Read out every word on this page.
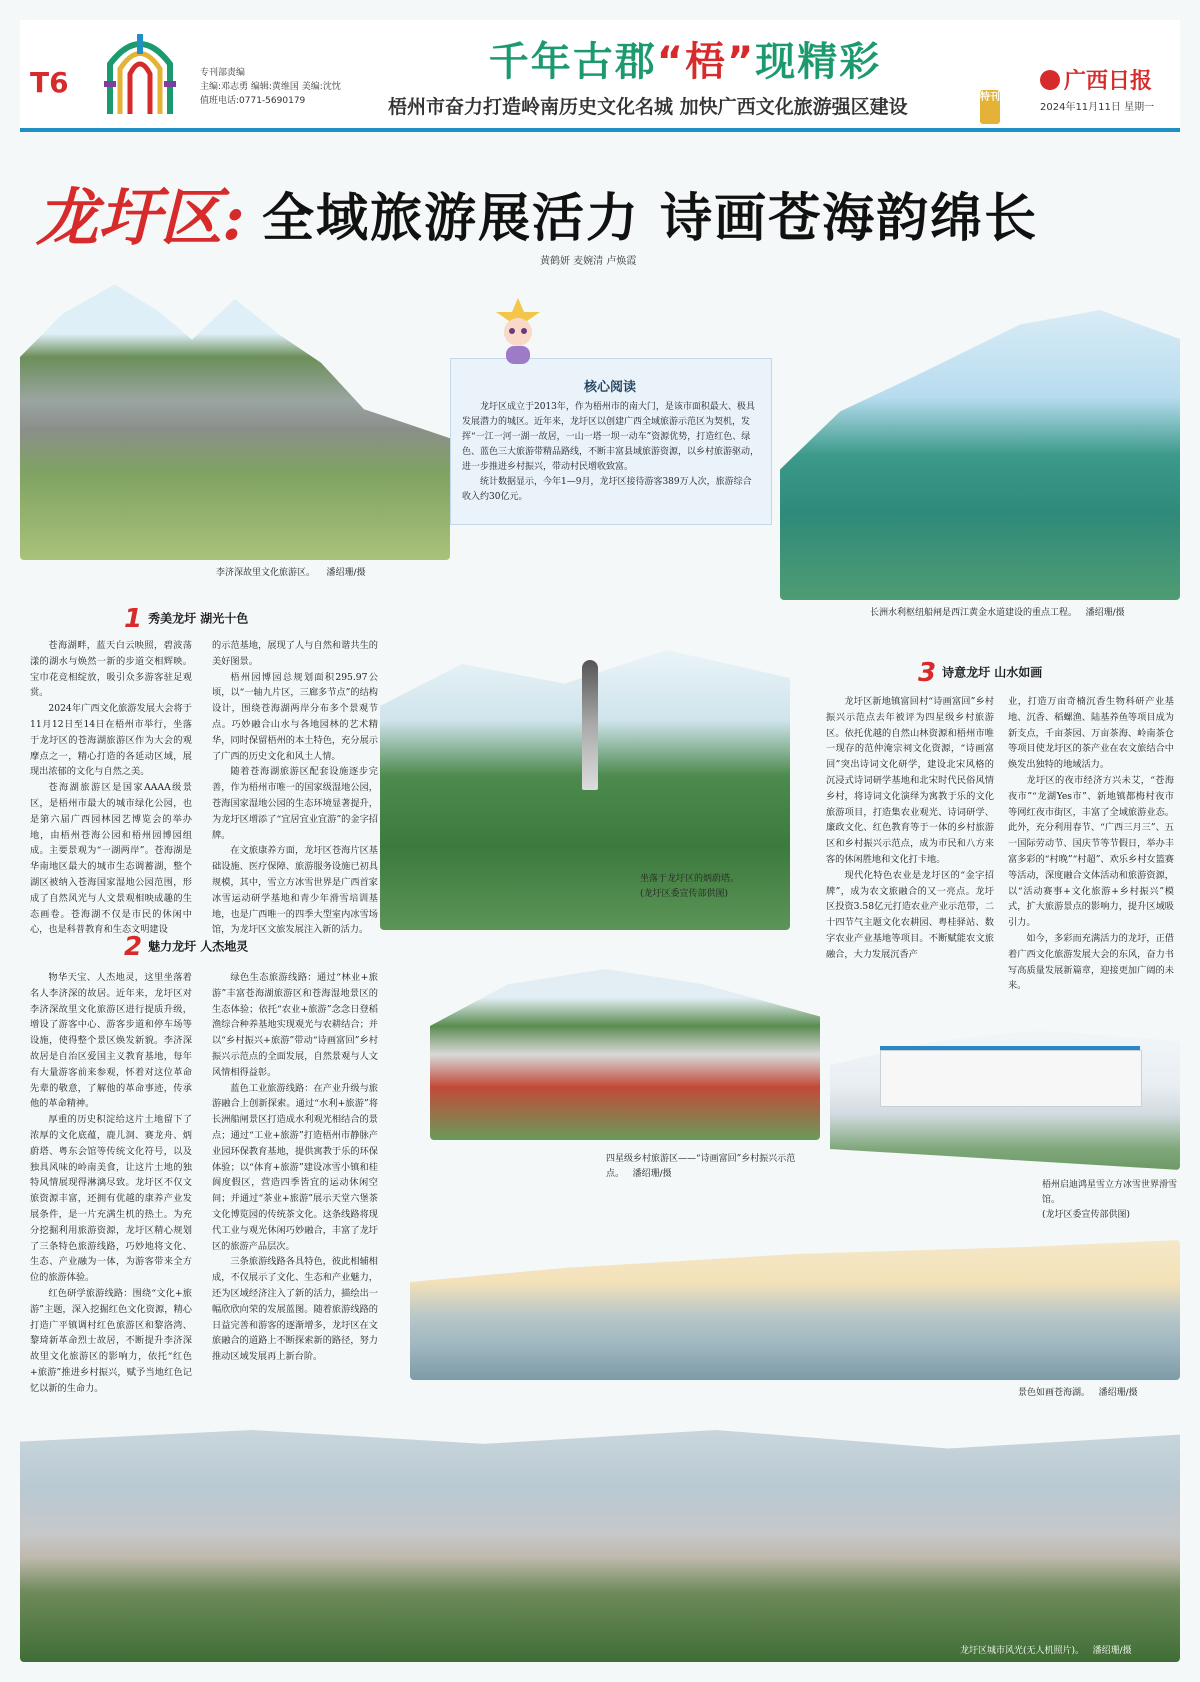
T6	专刊部责编
主编:邓志勇 编辑:黄维国 美编:沈忱
值班电话:0771-5690179
千年古郡“梧”现精彩
梧州市奋力打造岭南历史文化名城 加快广西文化旅游强区建设	特刊
广西日报
2024年11月11日 星期一
龙圩区: 全域旅游展活力 诗画苍海韵绵长
黄鹤妍 麦婉清 卢焕霞
李济深故里文化旅游区。 潘绍珊/摄
长洲水利枢纽船闸是西江黄金水道建设的重点工程。 潘绍珊/摄
核心阅读

龙圩区成立于2013年，作为梧州市的南大门，是该市面积最大、极具发展潜力的城区。近年来，龙圩区以创建广西全域旅游示范区为契机，发挥“一江一河一湖一故居，一山一塔一坝一动车”资源优势，打造红色、绿色、蓝色三大旅游带精品路线，不断丰富县域旅游资源，以乡村旅游驱动，进一步推进乡村振兴，带动村民增收致富。

统计数据显示，今年1—9月，龙圩区接待游客389万人次，旅游综合收入约30亿元。

坐落于龙圩区的炳蔚塔。
(龙圩区委宣传部供图)
四星级乡村旅游区——“诗画富回”乡村振兴示范点。 潘绍珊/摄
梧州启迪鸿星雪立方冰雪世界滑雪馆。
(龙圩区委宣传部供图)
景色如画苍海湖。 潘绍珊/摄
龙圩区城市风光(无人机照片)。 潘绍珊/摄
1 秀美龙圩 湖光十色

苍海湖畔，蓝天白云映照，碧波荡漾的湖水与焕然一新的步道交相辉映。宝巾花竞相绽放，吸引众多游客驻足观赏。

2024年广西文化旅游发展大会将于11月12日至14日在梧州市举行，坐落于龙圩区的苍海湖旅游区作为大会的观摩点之一，精心打造的各延动区域，展现出浓郁的文化与自然之美。

苍海湖旅游区是国家AAAA级景区，是梧州市最大的城市绿化公园，也是第六届广西园林园艺博览会的举办地，由梧州苍海公园和梧州园博园组成。主要景观为“一湖两岸”。苍海湖是华南地区最大的城市生态调蓄湖，整个湖区被纳入苍海国家湿地公园范围，形成了自然风光与人文景观相映成趣的生态画卷。苍海湖不仅是市民的休闲中心，也是科普教育和生态文明建设

的示范基地，展现了人与自然和谐共生的美好图景。

梧州园博园总规划面积295.97公顷，以“一轴九片区，三廊多节点”的结构设计，围绕苍海湖两岸分布多个景观节点。巧妙融合山水与各地园林的艺术精华，同时保留梧州的本土特色，充分展示了广西的历史文化和风土人情。

随着苍海湖旅游区配套设施逐步完善，作为梧州市唯一的国家级湿地公园，苍海国家湿地公园的生态环境显著提升，为龙圩区增添了“宜居宜业宜游”的金字招牌。

在文旅康养方面，龙圩区苍海片区基础设施、医疗保障、旅游服务设施已初具规模，其中，雪立方冰雪世界是广西首家冰雪运动研学基地和青少年滑雪培训基地，也是广西唯一的四季大型室内冰雪场馆，为龙圩区文旅发展注入新的活力。

2 魅力龙圩 人杰地灵

物华天宝、人杰地灵，这里坐落着名人李济深的故居。近年来，龙圩区对李济深故里文化旅游区进行提质升级，增设了游客中心、游客步道和停车场等设施，使得整个景区焕发新貌。李济深故居是自治区爱国主义教育基地，每年有大量游客前来参观，怀着对这位革命先辈的敬意，了解他的革命事迹，传承他的革命精神。

厚重的历史积淀给这片土地留下了浓厚的文化底蕴，鹿儿洞、赛龙舟、炳蔚塔、粤东会馆等传统文化符号，以及独具风味的岭南美食，让这片土地的独特风情展现得淋漓尽致。龙圩区不仅文旅资源丰富，还拥有优越的康养产业发展条件，是一片充满生机的热土。为充分挖掘利用旅游资源，龙圩区精心规划了三条特色旅游线路，巧妙地将文化、生态、产业融为一体，为游客带来全方位的旅游体验。

红色研学旅游线路：围绕“文化+旅游”主题，深入挖掘红色文化资源，精心打造广平镇调村红色旅游区和黎洛湾、黎琦新革命烈士故居，不断提升李济深故里文化旅游区的影响力，依托“红色+旅游”推进乡村振兴，赋予当地红色记忆以新的生命力。

绿色生态旅游线路：通过“林业+旅游”丰富苍海湖旅游区和苍海湿地景区的生态体验；依托“农业+旅游”念念日登稻渔综合种养基地实现观光与农耕结合；并以“乡村振兴+旅游”带动“诗画富回”乡村振兴示范点的全面发展，自然景观与人文风情相得益彰。

蓝色工业旅游线路：在产业升级与旅游融合上创新探索。通过“水利+旅游”将长洲船闸景区打造成水利观光相结合的景点；通过“工业+旅游”打造梧州市静脉产业园环保教育基地，提供寓教于乐的环保体验；以“体育+旅游”建设冰雪小镇和桂阆度假区，营造四季皆宜的运动休闲空间；并通过“茶业+旅游”展示天堂六堡茶文化博览园的传统茶文化。这条线路将现代工业与观光休闲巧妙融合，丰富了龙圩区的旅游产品层次。

三条旅游线路各具特色，彼此相辅相成，不仅展示了文化、生态和产业魅力，还为区域经济注入了新的活力，描绘出一幅欣欣向荣的发展蓝图。随着旅游线路的日益完善和游客的逐渐增多，龙圩区在文旅融合的道路上不断探索新的路径，努力推动区域发展再上新台阶。

3 诗意龙圩 山水如画

龙圩区新地镇富回村“诗画富回”乡村振兴示范点去年被评为四星级乡村旅游区。依托优越的自然山林资源和梧州市唯一现存的范仲淹宗祠文化资源，“诗画富回”突出诗词文化研学，建设北宋风格的沉浸式诗词研学基地和北宋时代民俗风情乡村，将诗词文化演绎为寓教于乐的文化旅游项目，打造集农业观光、诗词研学、廉政文化、红色教育等于一体的乡村旅游区和乡村振兴示范点，成为市民和八方来客的休闲胜地和文化打卡地。

现代化特色农业是龙圩区的“金字招牌”，成为农文旅融合的又一亮点。龙圩区投资3.58亿元打造农业产业示范带，二十四节气主题文化农耕园、粤桂驿站、数字农业产业基地等项目。不断赋能农文旅融合，大力发展沉香产

业，打造万亩奇楠沉香生物科研产业基地、沉香、稻螺渔、陆基养鱼等项目成为新支点，千亩茶园、万亩茶海、岭南茶仓等项目使龙圩区的茶产业在农文旅结合中焕发出独特的地域活力。

龙圩区的夜市经济方兴未艾，“苍海夜市”“龙湖Yes市”、新地镇都梅村夜市等网红夜市街区，丰富了全域旅游业态。此外，充分利用春节、“广西三月三”、五一国际劳动节、国庆节等节假日，举办丰富多彩的“村晚”“村超”、欢乐乡村女篮赛等活动，深度融合文体活动和旅游资源，以“活动赛事+文化旅游+乡村振兴”模式，扩大旅游景点的影响力，提升区域吸引力。

如今，多彩而充满活力的龙圩，正借着广西文化旅游发展大会的东风，奋力书写高质量发展新篇章，迎接更加广阔的未来。
